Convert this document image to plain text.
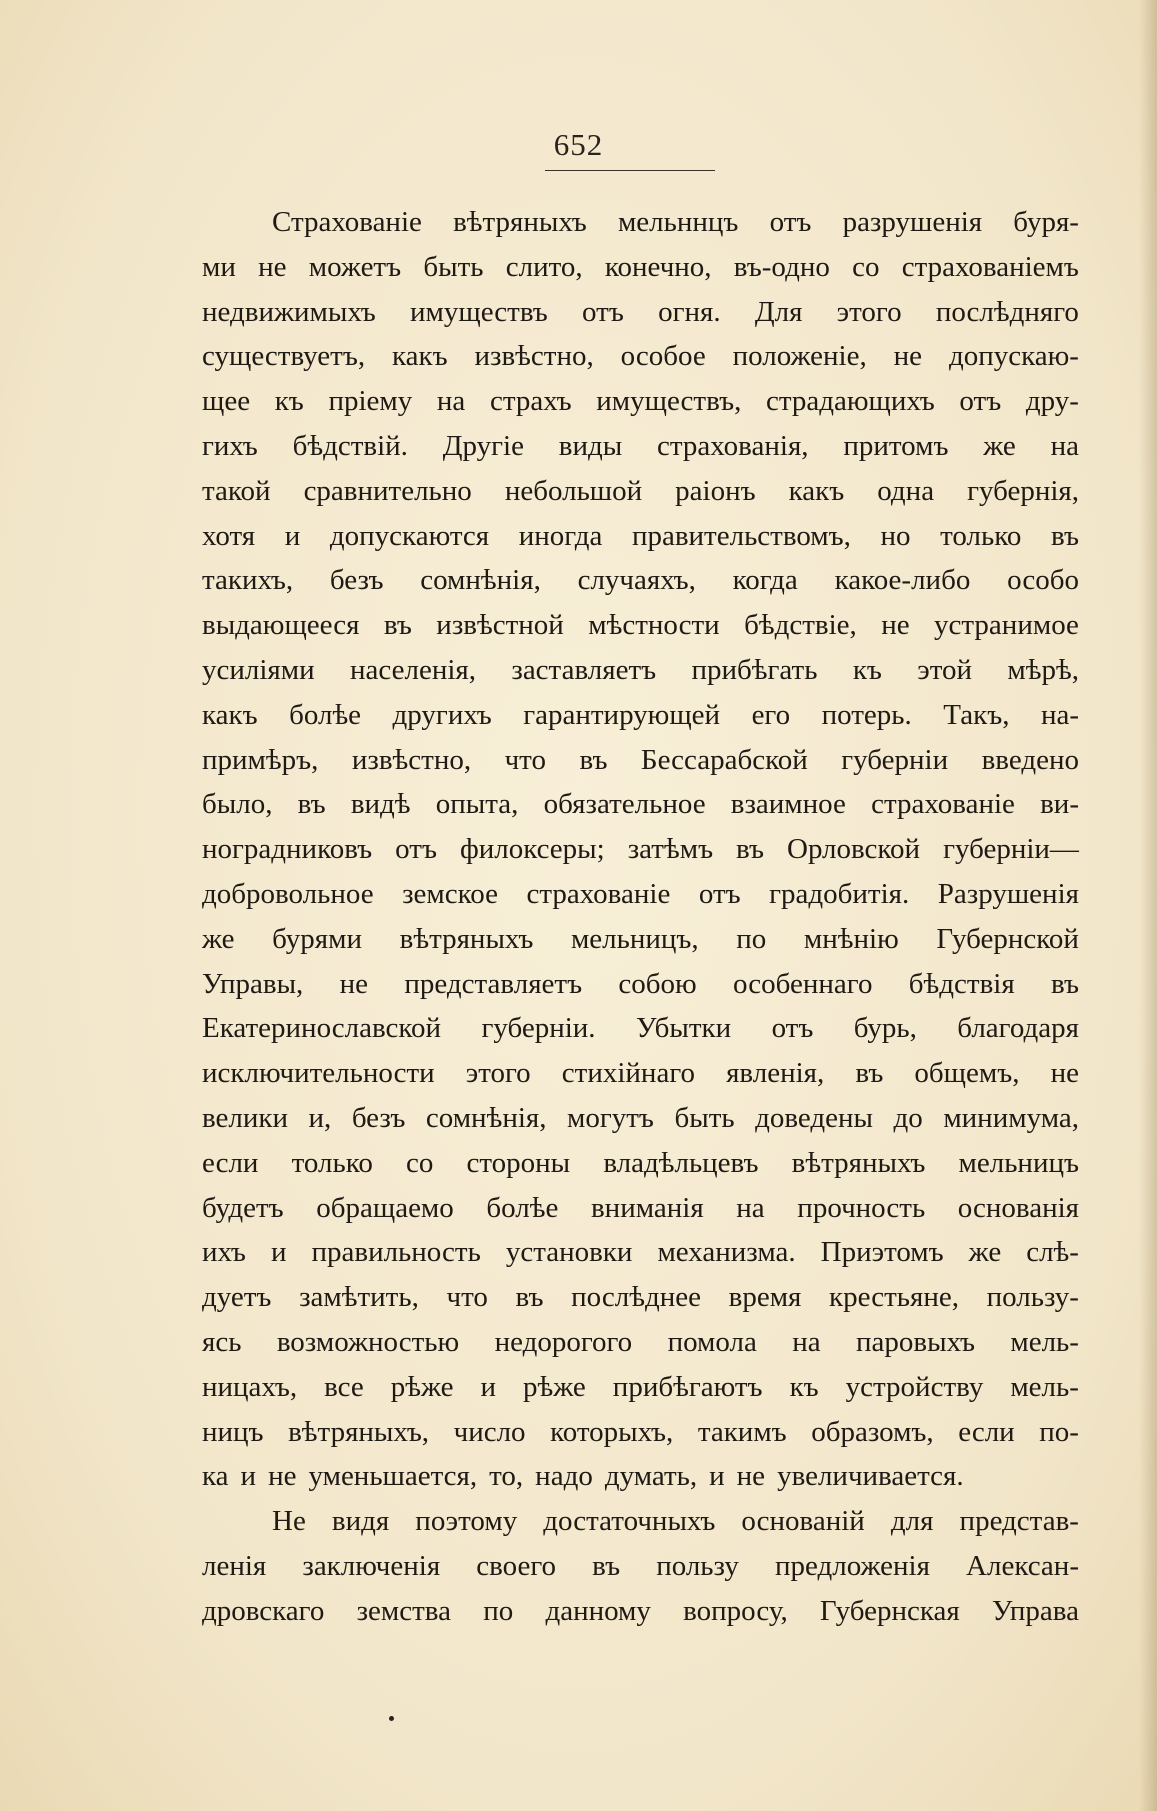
652
Страхованіе вѣтряныхъ мельннцъ отъ разрушенія буря-
ми не можетъ быть слито, конечно, въ-одно со страхованіемъ
недвижимыхъ имуществъ отъ огня. Для этого послѣдняго
существуетъ, какъ извѣстно, особое положеніе, не допускаю-
щее къ пріему на страхъ имуществъ, страдающихъ отъ дру-
гихъ бѣдствій. Другіе виды страхованія, притомъ же на
такой сравнительно небольшой раіонъ какъ одна губернія,
хотя и допускаются иногда правительствомъ, но только въ
такихъ, безъ сомнѣнія, случаяхъ, когда какое-либо особо
выдающееся въ извѣстной мѣстности бѣдствіе, не устранимое
усиліями населенія, заставляетъ прибѣгать къ этой мѣрѣ,
какъ болѣе другихъ гарантирующей его потерь. Такъ, на-
примѣръ, извѣстно, что въ Бессарабской губерніи введено
было, въ видѣ опыта, обязательное взаимное страхованіе ви-
ноградниковъ отъ филоксеры; затѣмъ въ Орловской губерніи—
добровольное земское страхованіе отъ градобитія. Разрушенія
же бурями вѣтряныхъ мельницъ, по мнѣнію Губернской
Управы, не представляетъ собою особеннаго бѣдствія въ
Екатеринославской губерніи. Убытки отъ бурь, благодаря
исключительности этого стихійнаго явленія, въ общемъ, не
велики и, безъ сомнѣнія, могутъ быть доведены до минимума,
если только со стороны владѣльцевъ вѣтряныхъ мельницъ
будетъ обращаемо болѣе вниманія на прочность основанія
ихъ и правильность установки механизма. Приэтомъ же слѣ-
дуетъ замѣтить, что въ послѣднее время крестьяне, пользу-
ясь возможностью недорогого помола на паровыхъ мель-
ницахъ, все рѣже и рѣже прибѣгаютъ къ устройству мель-
ницъ вѣтряныхъ, число которыхъ, такимъ образомъ, если по-
ка и не уменьшается, то, надо думать, и не увеличивается.
Не видя поэтому достаточныхъ основаній для представ-
ленія заключенія своего въ пользу предложенія Алексан-
дровскаго земства по данному вопросу, Губернская Управа
